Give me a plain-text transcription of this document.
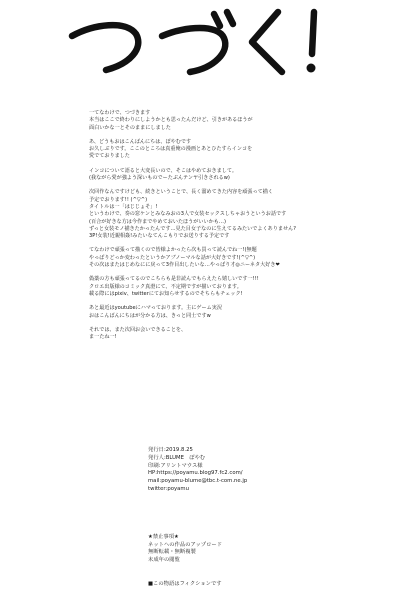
一てなわけで、つづきます
本当はここで終わりにしようかとも思ったんだけど、引きがあるほうが
面白いかな一とそのままにしました
あ、どうもおはこんばんにちは、ぽやむです
お久しぶりです。ここのところは真重俺の漫画とあとひたすらインコを
愛でておりました
インコについて語ると大変長いので、そこはやめておきまして。
(我ながら愛が強よう深いものでーたぶんテンヤ引きされるw)
次回作なんですけども、続きということで、長く溜めてきた内容を頑張って描く
予定でおります!! (^▽^)
タイトルは一「はじじょそ」!
というわけで、奏の窓ケンとみなみおの3人で女装セックスしちゃおうというお話です
(百合が好きな方は今作までやめておいたほうがいいかも…)
ずっと女装モノ描きたかったんです…見た目女子なのに生えてるみたいでよくありません?
3P!女装!近親相姦!みたいなてんこもりでお送りする予定です
てなわけで頑張って描くので皆様よかったら次も買って読んでね一!(無題
やっぱりどっか変わったというかアブノーマルな話が大好きです!(^▽^)
その次はまたはじめなにに戻って3作目出したいな…やっぱり才◎ニーネタ大好き❤
偽薬の方も頑張ってるのでこちらも是非読んでもらえたら嬉しいです一!!!
クロエ出版様のコミック真澄にて、不定期ですが描いております。
載る際にはpixiv、twitterにてお知らせするのでそちらもチェック!
あと最近はyoutubeにハマっております。主にゲーム実況
おはこんばんにちはが分かる方は、きっと同士ですw
それでは、また次回お会いできることを、
ま一たね一!
発行日:2019.8.25
発行人:BLUME　ぽやむ
印刷:アリントマウス様
HP:https://poyamu.blog97.fc2.com/
mail:poyamu-blume@tbc.t-com.ne.jp
twitter:poyamu
★禁止事項★
ネットへの作品のアップロード
無断転載・無断複製
未成年の閲覧
■この物語はフィクションです
